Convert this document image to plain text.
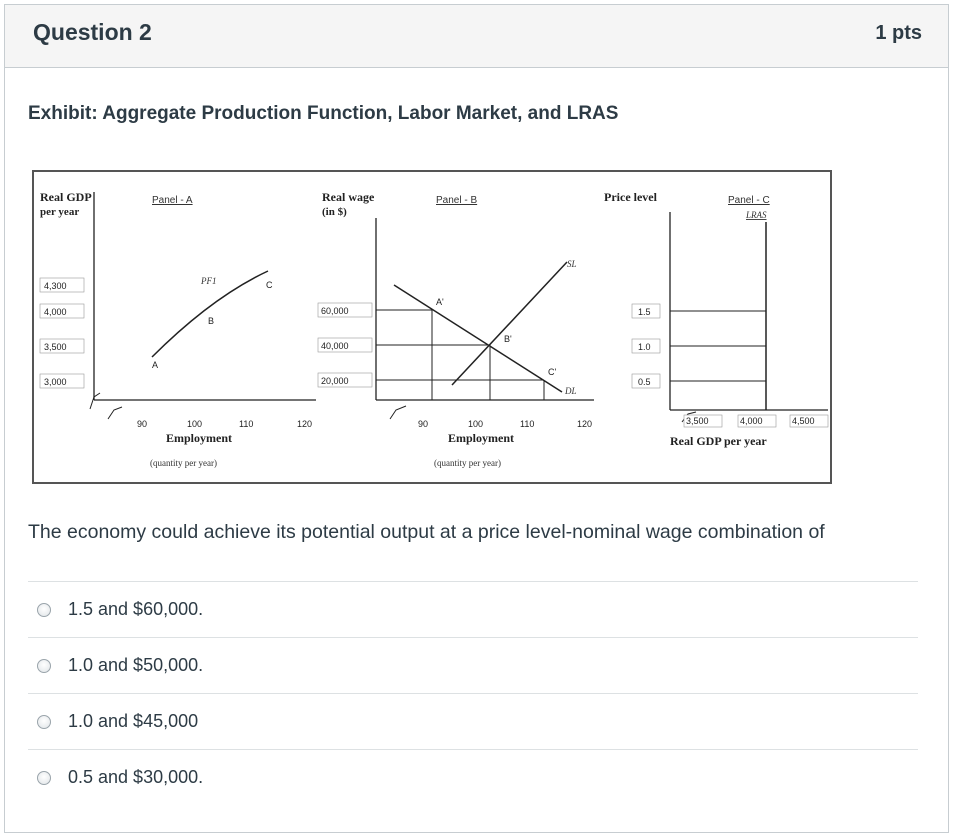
Question 2	1 pts
Exhibit: Aggregate Production Function, Labor Market, and LRAS
Real GDP
per year
Panel - A
4,300
4,000
3,500
3,000
PF1
A
B
C
90	100	110	120
Employment
(quantity per year)
Real wage
(in $)
Panel - B
60,000
40,000
20,000
SL
DL
A'
B'
C'
90	100	110	120
Employment
(quantity per year)
Price level	Panel - C
LRAS
1.5
1.0
0.5
3,500	4,000	4,500
Real GDP per year
The economy could achieve its potential output at a price level-nominal wage combination of
1.5 and $60,000.
1.0 and $50,000.
1.0 and $45,000
0.5 and $30,000.
